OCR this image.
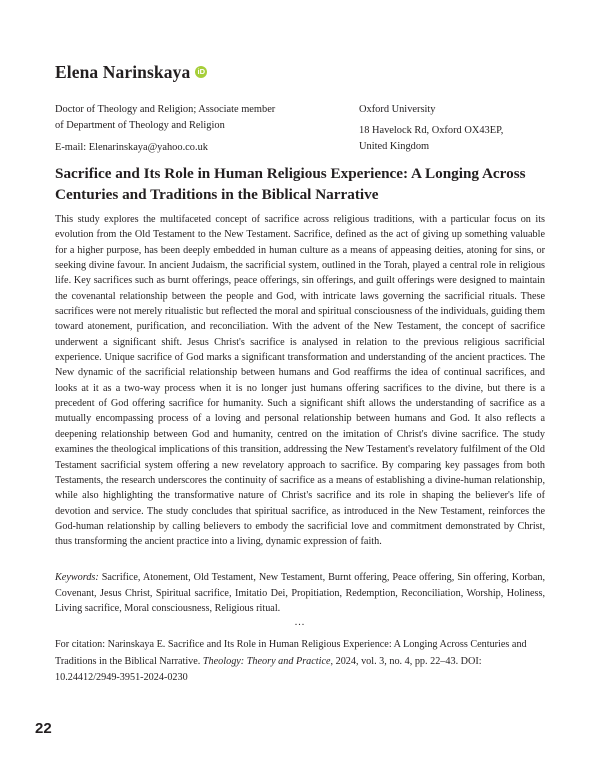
Elena Narinskaya iD
Doctor of Theology and Religion; Associate member
of Department of Theology and Religion
E-mail: Elenarinskaya@yahoo.co.uk
Oxford University
18 Havelock Rd, Oxford OX43EP,
United Kingdom
Sacrifice and Its Role in Human Religious Experience: A Longing Across Centuries and Traditions in the Biblical Narrative
This study explores the multifaceted concept of sacrifice across religious traditions, with a particular focus on its evolution from the Old Testament to the New Testament. Sacrifice, defined as the act of giving up something valuable for a higher purpose, has been deeply embedded in human culture as a means of appeasing deities, atoning for sins, or seeking divine favour. In ancient Judaism, the sacrificial system, outlined in the Torah, played a central role in religious life. Key sacrifices such as burnt offerings, peace offerings, sin offerings, and guilt offerings were designed to maintain the covenantal relationship between the people and God, with intricate laws governing the sacrificial rituals. These sacrifices were not merely ritualistic but reflected the moral and spiritual consciousness of the individuals, guiding them toward atonement, purification, and reconciliation. With the advent of the New Testament, the concept of sacrifice underwent a significant shift. Jesus Christ's sacrifice is analysed in relation to the previous religious sacrificial experience. Unique sacrifice of God marks a significant transformation and understanding of the ancient practices. The New dynamic of the sacrificial relationship between humans and God reaffirms the idea of continual sacrifices, and looks at it as a two-way process when it is no longer just humans offering sacrifices to the divine, but there is a precedent of God offering sacrifice for humanity. Such a significant shift allows the understanding of sacrifice as a mutually encompassing process of a loving and personal relationship between humans and God. It also reflects a deepening relationship between God and humanity, centred on the imitation of Christ's divine sacrifice. The study examines the theological implications of this transition, addressing the New Testament's revelatory fulfilment of the Old Testament sacrificial system offering a new revelatory approach to sacrifice. By comparing key passages from both Testaments, the research underscores the continuity of sacrifice as a means of establishing a divine-human relationship, while also highlighting the transformative nature of Christ's sacrifice and its role in shaping the believer's life of devotion and service. The study concludes that spiritual sacrifice, as introduced in the New Testament, reinforces the God-human relationship by calling believers to embody the sacrificial love and commitment demonstrated by Christ, thus transforming the ancient practice into a living, dynamic expression of faith.
Keywords: Sacrifice, Atonement, Old Testament, New Testament, Burnt offering, Peace offering, Sin offering, Korban, Covenant, Jesus Christ, Spiritual sacrifice, Imitatio Dei, Propitiation, Redemption, Reconciliation, Worship, Holiness, Living sacrifice, Moral consciousness, Religious ritual.
...
For citation: Narinskaya E. Sacrifice and Its Role in Human Religious Experience: A Longing Across Centuries and Traditions in the Biblical Narrative. Theology: Theory and Practice, 2024, vol. 3, no. 4, pp. 22–43. DOI: 10.24412/2949-3951-2024-0230
22
